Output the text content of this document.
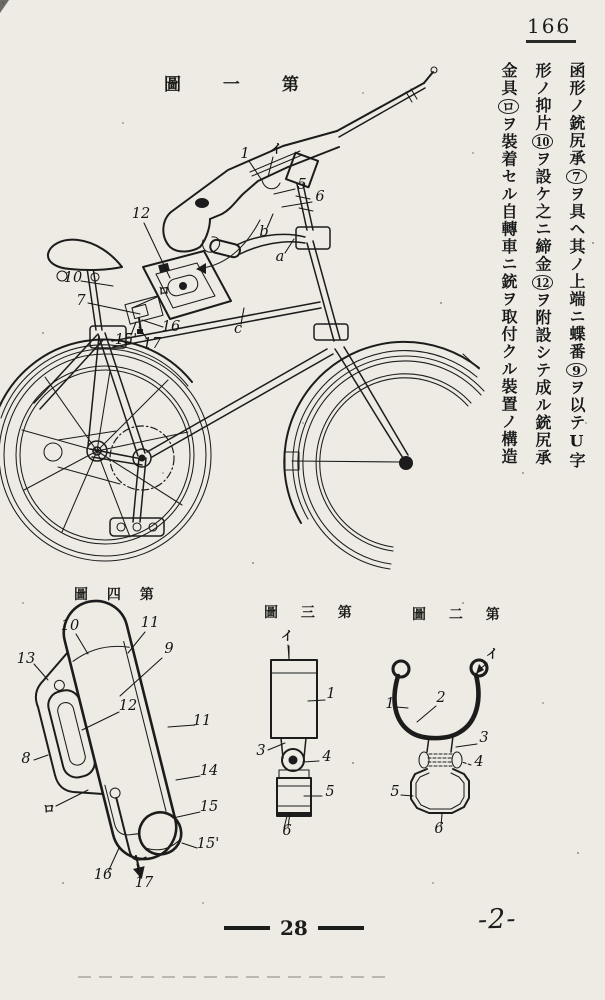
166
函形ノ銃尻承7ヲ具ヘ其ノ上端ニ蝶番9ヲ以テU字
形ノ抑片10ヲ設ケ之ニ締金12ヲ附設シテ成ル銃尻承
金具ロヲ裝着セル自轉車ニ銃ヲ取付クル裝置ノ構造
圖 一 第
圖 四 第
圖 三 第	圖 二 第
イ
1
5
6
b
a
12
10
7
ロ
16
15' 17
c
10	11
13
9
12
11
8
14
ロ	15
15'
16 17
イ
1
3	4
5
6
イ
1	2
3
4
5
6
28	-2-
